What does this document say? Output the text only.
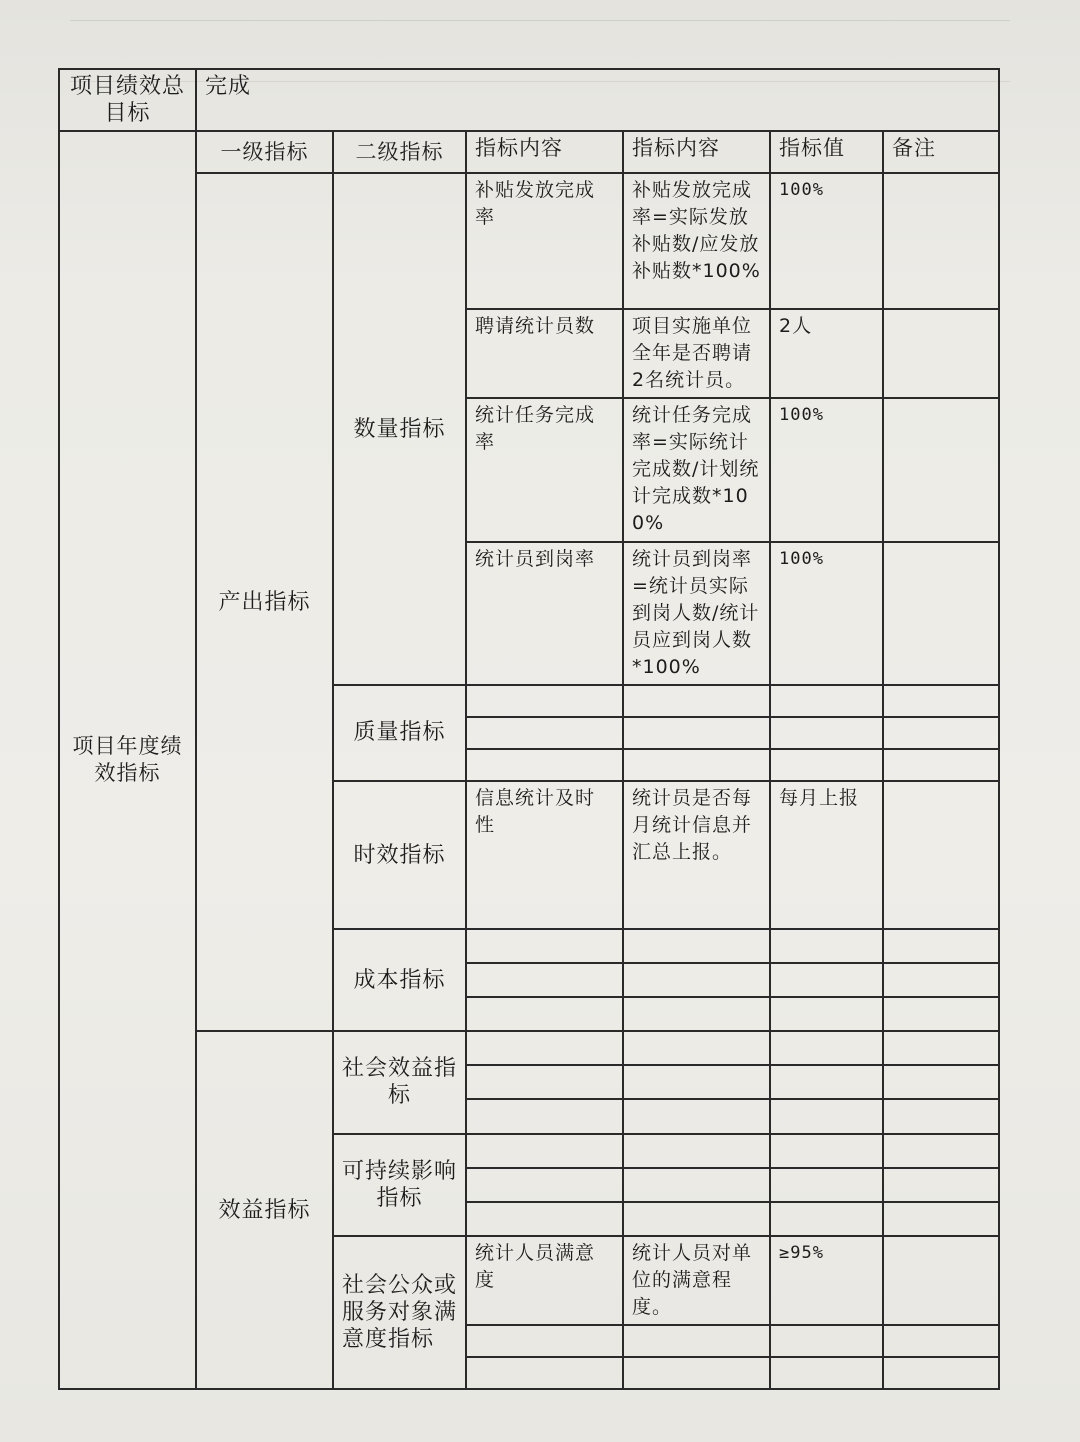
项目绩效总目标	完成					
项目年度绩效指标	一级指标	二级指标	指标内容	指标内容	指标值	备注
	产出指标	数量指标	补贴发放完成率	补贴发放完成率=实际发放补贴数/应发放补贴数*100%	100%	
			聘请统计员数	项目实施单位全年是否聘请2名统计员。	2人	
			统计任务完成率	统计任务完成率=实际统计完成数/计划统计完成数*100%	100%	
			统计员到岗率	统计员到岗率=统计员实际到岗人数/统计员应到岗人数*100%	100%	
		质量指标				

		时效指标	信息统计及时性	统计员是否每月统计信息并汇总上报。	每月上报	
		成本指标				

	效益指标	社会效益指标				

		可持续影响指标				

		社会公众或服务对象满意度指标	统计人员满意度	统计人员对单位的满意程度。	≥95%	
